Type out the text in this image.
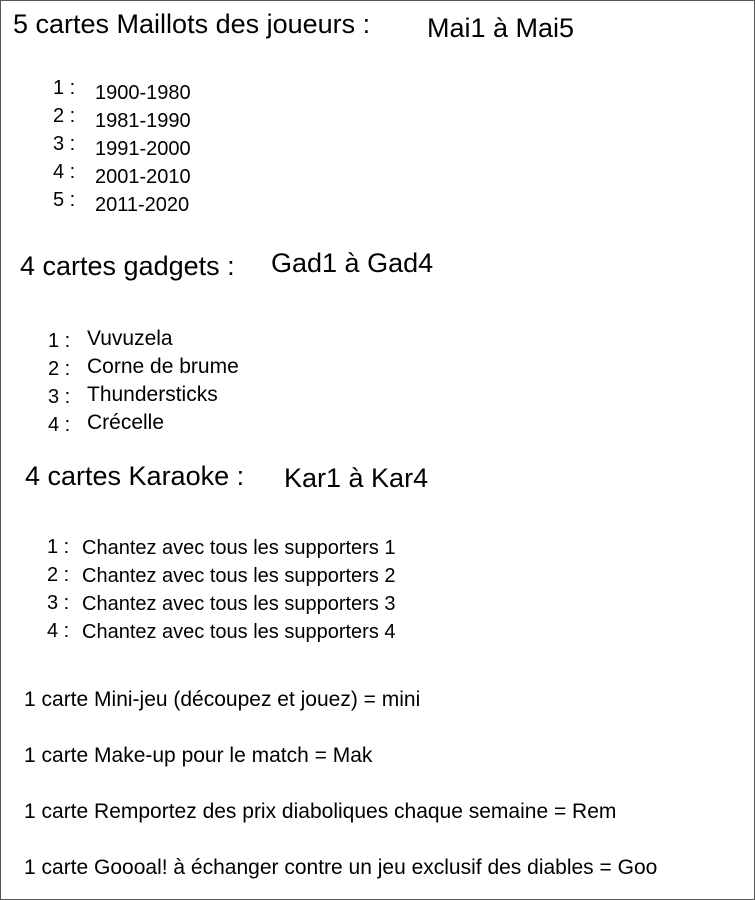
5 cartes Maillots des joueurs : Mai1 à Mai5
1 : 1900-1980
2 : 1981-1990
3 : 1991-2000
4 : 2001-2010
5 : 2011-2020
4 cartes gadgets : Gad1 à Gad4
1 : Vuvuzela
2 : Corne de brume
3 : Thundersticks
4 : Crécelle
4 cartes Karaoke : Kar1 à Kar4
1 : Chantez avec tous les supporters 1
2 : Chantez avec tous les supporters 2
3 : Chantez avec tous les supporters 3
4 : Chantez avec tous les supporters 4
1 carte Mini-jeu (découpez et jouez) = mini
1 carte Make-up pour le match = Mak
1 carte Remportez des prix diaboliques chaque semaine = Rem
1 carte Goooal! à échanger contre un jeu exclusif des diables = Goo
